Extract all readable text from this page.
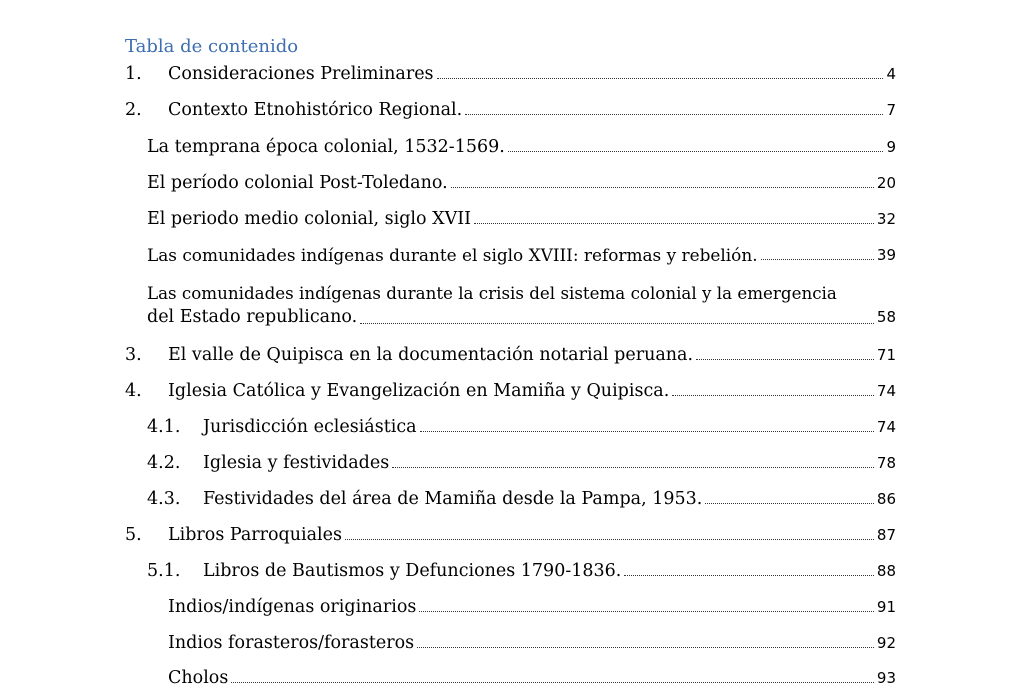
Tabla de contenido
1.	Consideraciones Preliminares	4
2.	Contexto Etnohistórico Regional.	7
La temprana época colonial, 1532-1569.	9
El período colonial Post-Toledano.	20
El periodo medio colonial, siglo XVII	32
Las comunidades indígenas durante el siglo XVIII: reformas y rebelión.	39
Las comunidades indígenas durante la crisis del sistema colonial y la emergencia
del Estado republicano.	58
3.	El valle de Quipisca en la documentación notarial peruana.	71
4.	Iglesia Católica y Evangelización en Mamiña y Quipisca.	74
4.1.	Jurisdicción eclesiástica	74
4.2.	Iglesia y festividades	78
4.3.	Festividades del área de Mamiña desde la Pampa, 1953.	86
5.	Libros Parroquiales	87
5.1.	Libros de Bautismos y Defunciones 1790-1836.	88
Indios/indígenas originarios	91
Indios forasteros/forasteros	92
Cholos	93
